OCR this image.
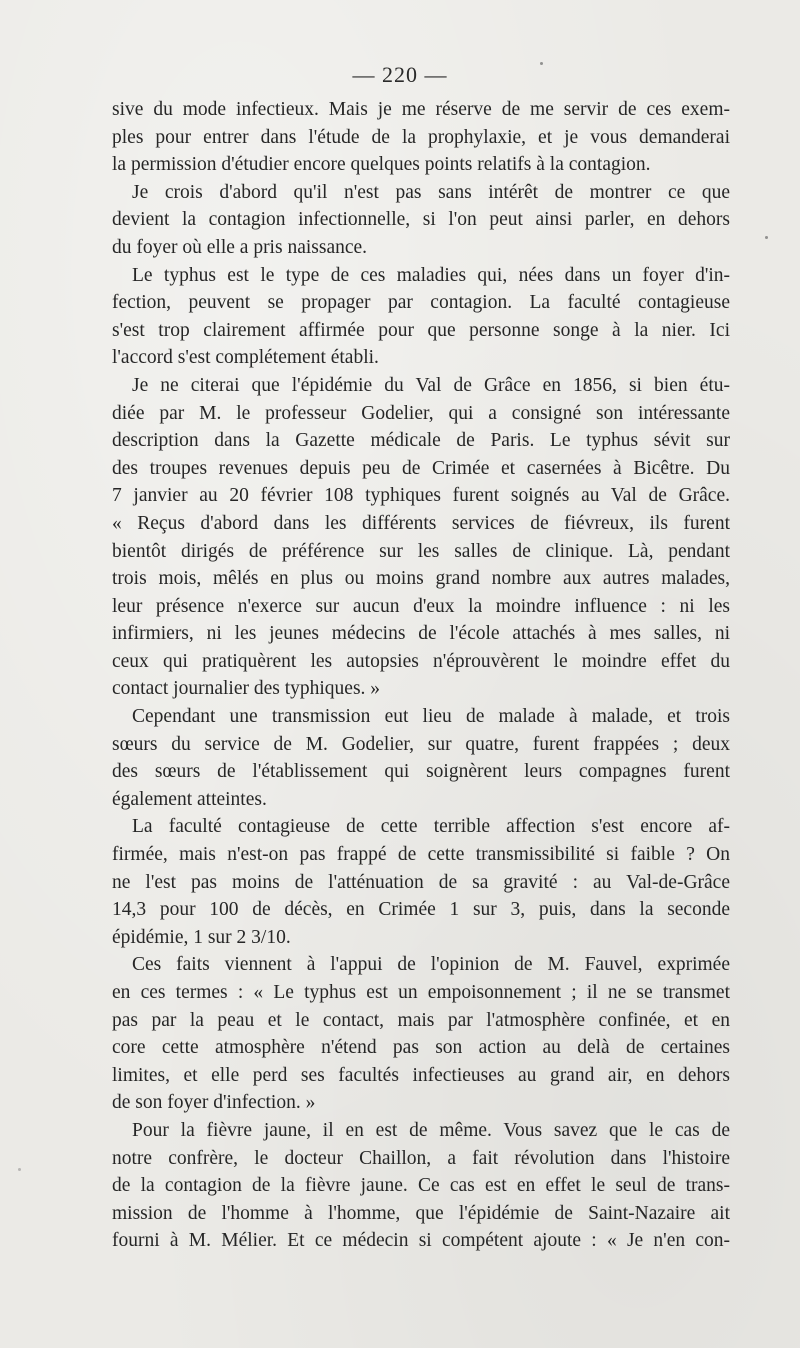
— 220 —
sive du mode infectieux. Mais je me réserve de me servir de ces exem-
ples pour entrer dans l'étude de la prophylaxie, et je vous demanderai
la permission d'étudier encore quelques points relatifs à la contagion.
Je crois d'abord qu'il n'est pas sans intérêt de montrer ce que
devient la contagion infectionnelle, si l'on peut ainsi parler, en dehors
du foyer où elle a pris naissance.
Le typhus est le type de ces maladies qui, nées dans un foyer d'in-
fection, peuvent se propager par contagion. La faculté contagieuse
s'est trop clairement affirmée pour que personne songe à la nier. Ici
l'accord s'est complétement établi.
Je ne citerai que l'épidémie du Val de Grâce en 1856, si bien étu-
diée par M. le professeur Godelier, qui a consigné son intéressante
description dans la Gazette médicale de Paris. Le typhus sévit sur
des troupes revenues depuis peu de Crimée et casernées à Bicêtre. Du
7 janvier au 20 février 108 typhiques furent soignés au Val de Grâce.
« Reçus d'abord dans les différents services de fiévreux, ils furent
bientôt dirigés de préférence sur les salles de clinique. Là, pendant
trois mois, mêlés en plus ou moins grand nombre aux autres malades,
leur présence n'exerce sur aucun d'eux la moindre influence : ni les
infirmiers, ni les jeunes médecins de l'école attachés à mes salles, ni
ceux qui pratiquèrent les autopsies n'éprouvèrent le moindre effet du
contact journalier des typhiques. »
Cependant une transmission eut lieu de malade à malade, et trois
sœurs du service de M. Godelier, sur quatre, furent frappées ; deux
des sœurs de l'établissement qui soignèrent leurs compagnes furent
également atteintes.
La faculté contagieuse de cette terrible affection s'est encore af-
firmée, mais n'est-on pas frappé de cette transmissibilité si faible ? On
ne l'est pas moins de l'atténuation de sa gravité : au Val-de-Grâce
14,3 pour 100 de décès, en Crimée 1 sur 3, puis, dans la seconde
épidémie, 1 sur 2 3/10.
Ces faits viennent à l'appui de l'opinion de M. Fauvel, exprimée
en ces termes : « Le typhus est un empoisonnement ; il ne se transmet
pas par la peau et le contact, mais par l'atmosphère confinée, et en
core cette atmosphère n'étend pas son action au delà de certaines
limites, et elle perd ses facultés infectieuses au grand air, en dehors
de son foyer d'infection. »
Pour la fièvre jaune, il en est de même. Vous savez que le cas de
notre confrère, le docteur Chaillon, a fait révolution dans l'histoire
de la contagion de la fièvre jaune. Ce cas est en effet le seul de trans-
mission de l'homme à l'homme, que l'épidémie de Saint-Nazaire ait
fourni à M. Mélier. Et ce médecin si compétent ajoute : « Je n'en con-
